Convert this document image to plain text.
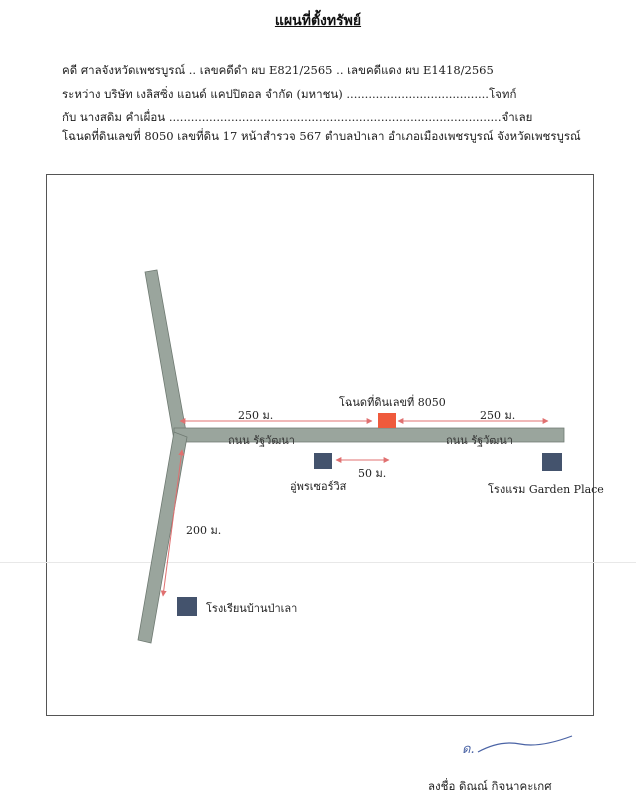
แผนที่ตั้งทรัพย์
คดี ศาลจังหวัดเพชรบูรณ์ .. เลขคดีดำ ผบ E821/2565 .. เลขคดีแดง ผบ E1418/2565
ระหว่าง บริษัท เงลิสซิ่ง แอนด์ แคปปิตอล จำกัด (มหาชน) .......................................โจทก์
กับ นางสดิม คำเผื่อน ...........................................................................................จำเลย
โฉนดที่ดินเลขที่ 8050 เลขที่ดิน 17 หน้าสำรวจ 567 ตำบลป่าเลา อำเภอเมืองเพชรบูรณ์ จังหวัดเพชรบูรณ์
250 ม.	250 ม.
โฉนดที่ดินเลขที่ 8050
ถนน รัฐวัฒนา	ถนน รัฐวัฒนา
50 ม.
อู่พรเซอร์วิส	โรงแรม Garden Place
200 ม.
โรงเรียนบ้านป่าเลา
ด.
ลงชื่อ ดิณณ์ กิจนาคะเกศ
